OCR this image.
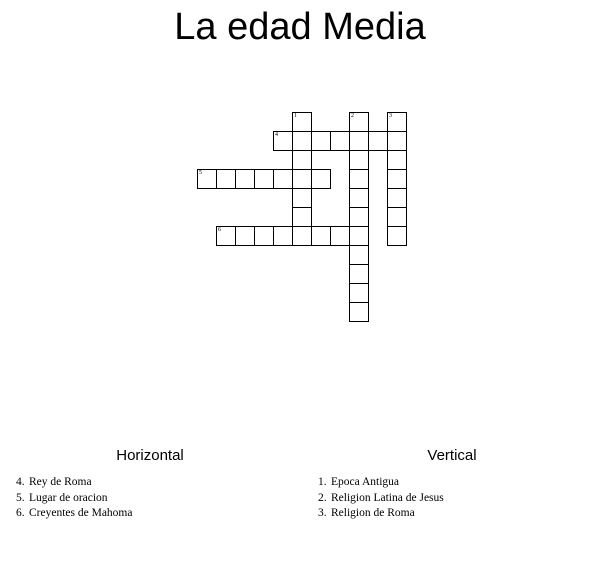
La edad Media
1	2	3
4
5
6
Horizontal	Vertical
4. Rey de Roma
5. Lugar de oracion
6. Creyentes de Mahoma
1. Epoca Antigua
2. Religion Latina de Jesus
3. Religion de Roma
